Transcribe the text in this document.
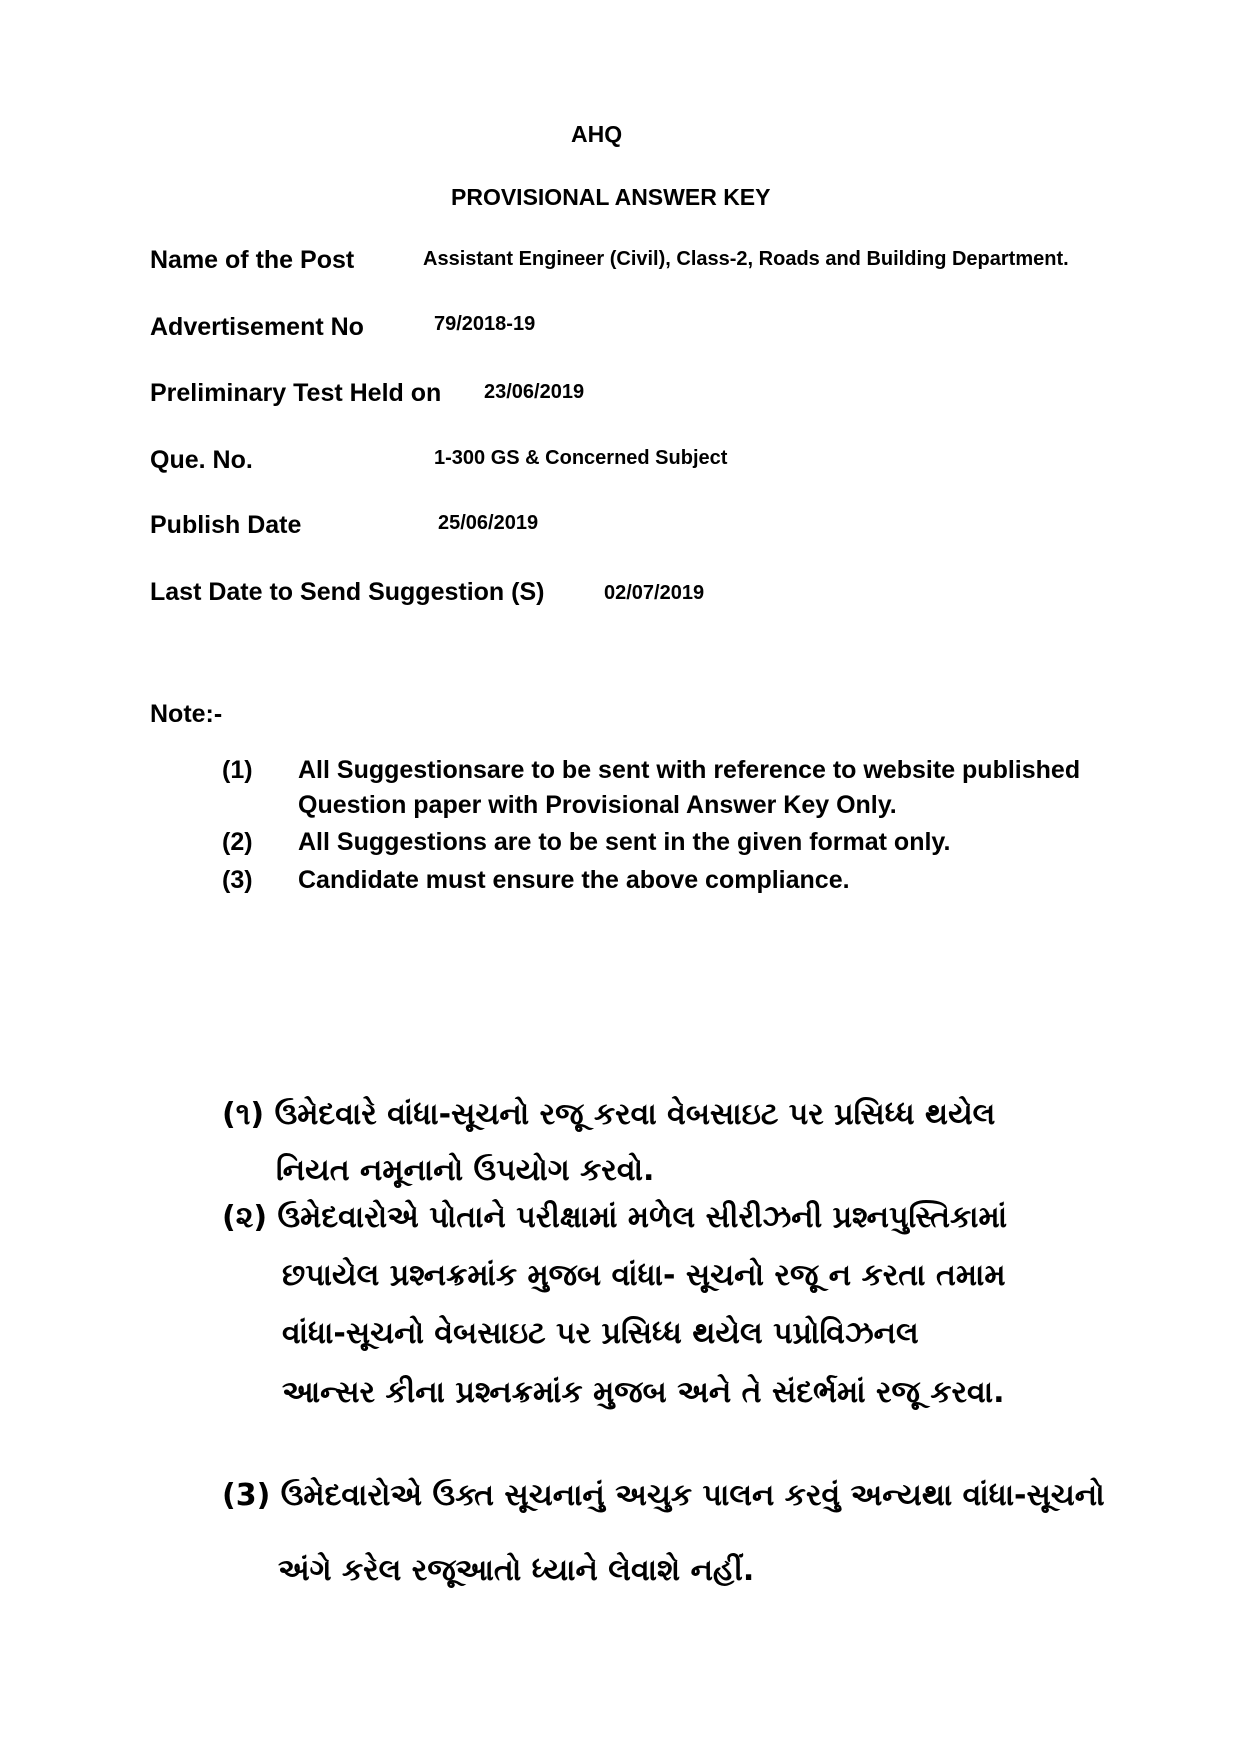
AHQ
PROVISIONAL ANSWER KEY
Name of the Post	Assistant Engineer (Civil), Class-2, Roads and Building Department.
Advertisement No	79/2018-19
Preliminary Test Held on 23/06/2019
Que. No.	1-300 GS & Concerned Subject
Publish Date	25/06/2019
Last Date to Send Suggestion (S)	02/07/2019
Note:-
(1) All Suggestionsare to be sent with reference to website published
Question paper with Provisional Answer Key Only.
(2) All Suggestions are to be sent in the given format only.
(3) Candidate must ensure the above compliance.
(૧) ઉમેદવારે વાંધા-સૂચનો રજૂ કરવા વેબસાઇટ પર પ્રસિધ્ધ થયેલ
નિયત નમૂનાનો ઉપયોગ કરવો.
(૨) ઉમેદવારોએ પોતાને પરીક્ષામાં મળેલ સીરીઝની પ્રશ્નપુસ્તિકામાં
છપાયેલ પ્રશ્નક્રમાંક મુજબ વાંધા- સૂચનો રજૂ ન કરતા તમામ
વાંધા-સૂચનો વેબસાઇટ પર પ્રસિધ્ધ થયેલ પપ્રોવિઝનલ
આન્સર કીના પ્રશ્નક્રમાંક મુજબ અને તે સંદર્ભમાં રજૂ કરવા.
(3) ઉમેદવારોએ ઉક્ત સૂચનાનું અચુક પાલન કરવું અન્યથા વાંધા-સૂચનો
અંગે કરેલ રજૂઆતો ધ્યાને લેવાશે નહીં.
